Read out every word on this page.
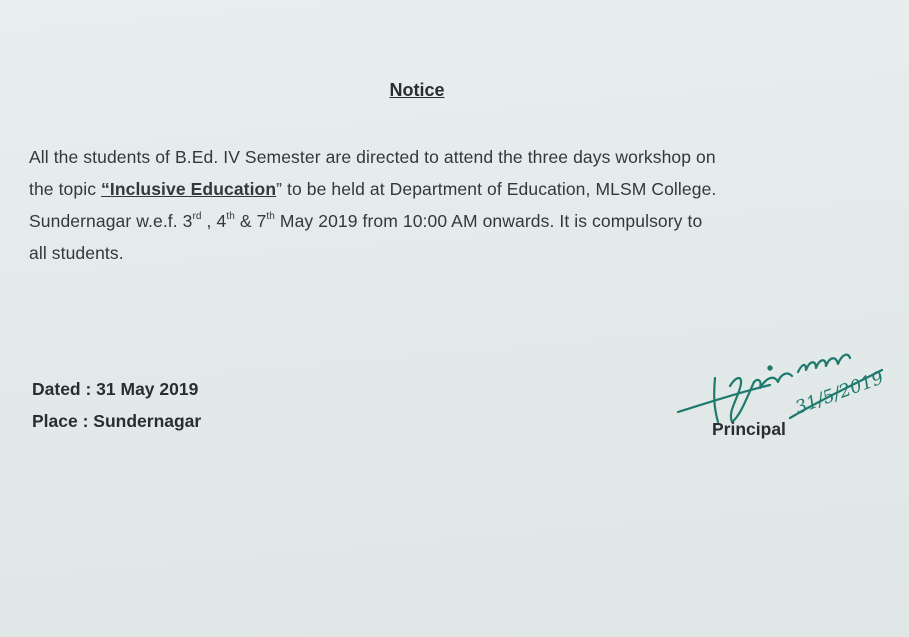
Notice
All the students of B.Ed. IV Semester are directed to attend the three days workshop on
the topic “Inclusive Education” to be held at Department of Education, MLSM College.
Sundernagar w.e.f. 3rd , 4th & 7th May 2019 from 10:00 AM onwards. It is compulsory to
all students.
Dated : 31 May 2019
Place : Sundernagar
31/5/2019
Principal
